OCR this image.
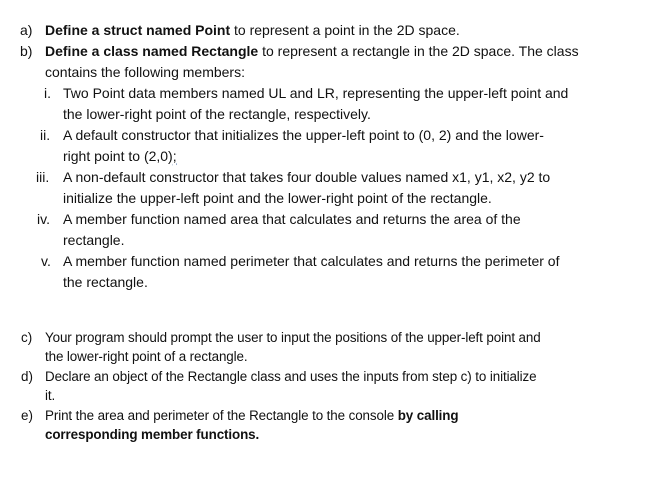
a) Define a struct named Point to represent a point in the 2D space.
b) Define a class named Rectangle to represent a rectangle in the 2D space. The class
contains the following members:
i. Two Point data members named UL and LR, representing the upper-left point and
the lower-right point of the rectangle, respectively.
ii. A default constructor that initializes the upper-left point to (0, 2) and the lower-
right point to (2,0);
iii. A non-default constructor that takes four double values named x1, y1, x2, y2 to
initialize the upper-left point and the lower-right point of the rectangle.
iv. A member function named area that calculates and returns the area of the
rectangle.
v. A member function named perimeter that calculates and returns the perimeter of
the rectangle.
c) Your program should prompt the user to input the positions of the upper-left point and
the lower-right point of a rectangle.
d) Declare an object of the Rectangle class and uses the inputs from step c) to initialize
it.
e) Print the area and perimeter of the Rectangle to the console by calling
corresponding member functions.
